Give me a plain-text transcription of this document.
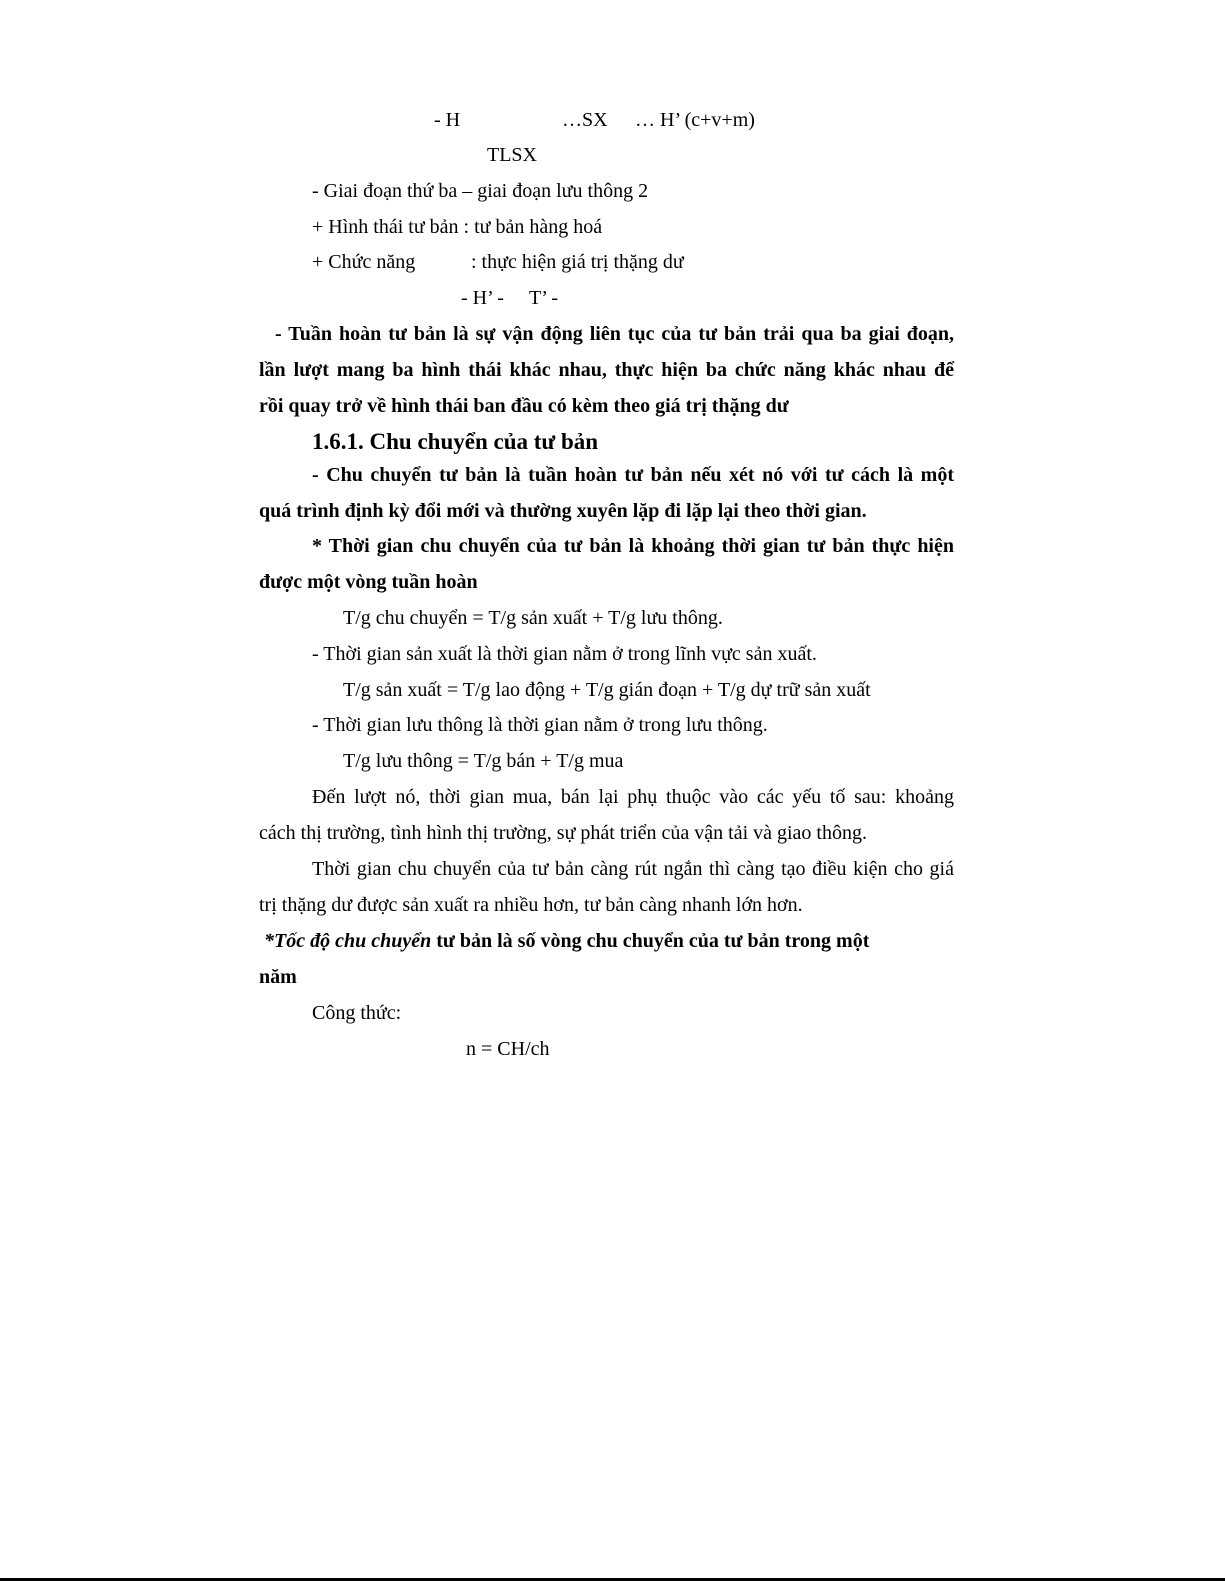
- H	…SX … H’ (c+v+m)
TLSX
- Giai đoạn thứ ba – giai đoạn lưu thông 2
+ Hình thái tư bản : tư bản hàng hoá
+ Chức năng	: thực hiện giá trị thặng dư
- H’ - T’ -
- Tuần hoàn tư bản là sự vận động liên tục của tư bản trải qua ba giai đoạn,
lần lượt mang ba hình thái khác nhau, thực hiện ba chức năng khác nhau để
rồi quay trở về hình thái ban đầu có kèm theo giá trị thặng dư
1.6.1. Chu chuyển của tư bản
- Chu chuyển tư bản là tuần hoàn tư bản nếu xét nó với tư cách là một
quá trình định kỳ đổi mới và thường xuyên lặp đi lặp lại theo thời gian.
* Thời gian chu chuyển của tư bản là khoảng thời gian tư bản thực hiện
được một vòng tuần hoàn
T/g chu chuyển = T/g sản xuất + T/g lưu thông.
- Thời gian sản xuất là thời gian nằm ở trong lĩnh vực sản xuất.
T/g sản xuất = T/g lao động + T/g gián đoạn + T/g dự trữ sản xuất
- Thời gian lưu thông là thời gian nằm ở trong lưu thông.
T/g lưu thông = T/g bán + T/g mua
Đến lượt nó, thời gian mua, bán lại phụ thuộc vào các yếu tố sau: khoảng
cách thị trường, tình hình thị trường, sự phát triển của vận tải và giao thông.
Thời gian chu chuyển của tư bản càng rút ngắn thì càng tạo điều kiện cho giá
trị thặng dư được sản xuất ra nhiều hơn, tư bản càng nhanh lớn hơn.
*Tốc độ chu chuyển tư bản là số vòng chu chuyển của tư bản trong một
năm
Công thức:
n = CH/ch
